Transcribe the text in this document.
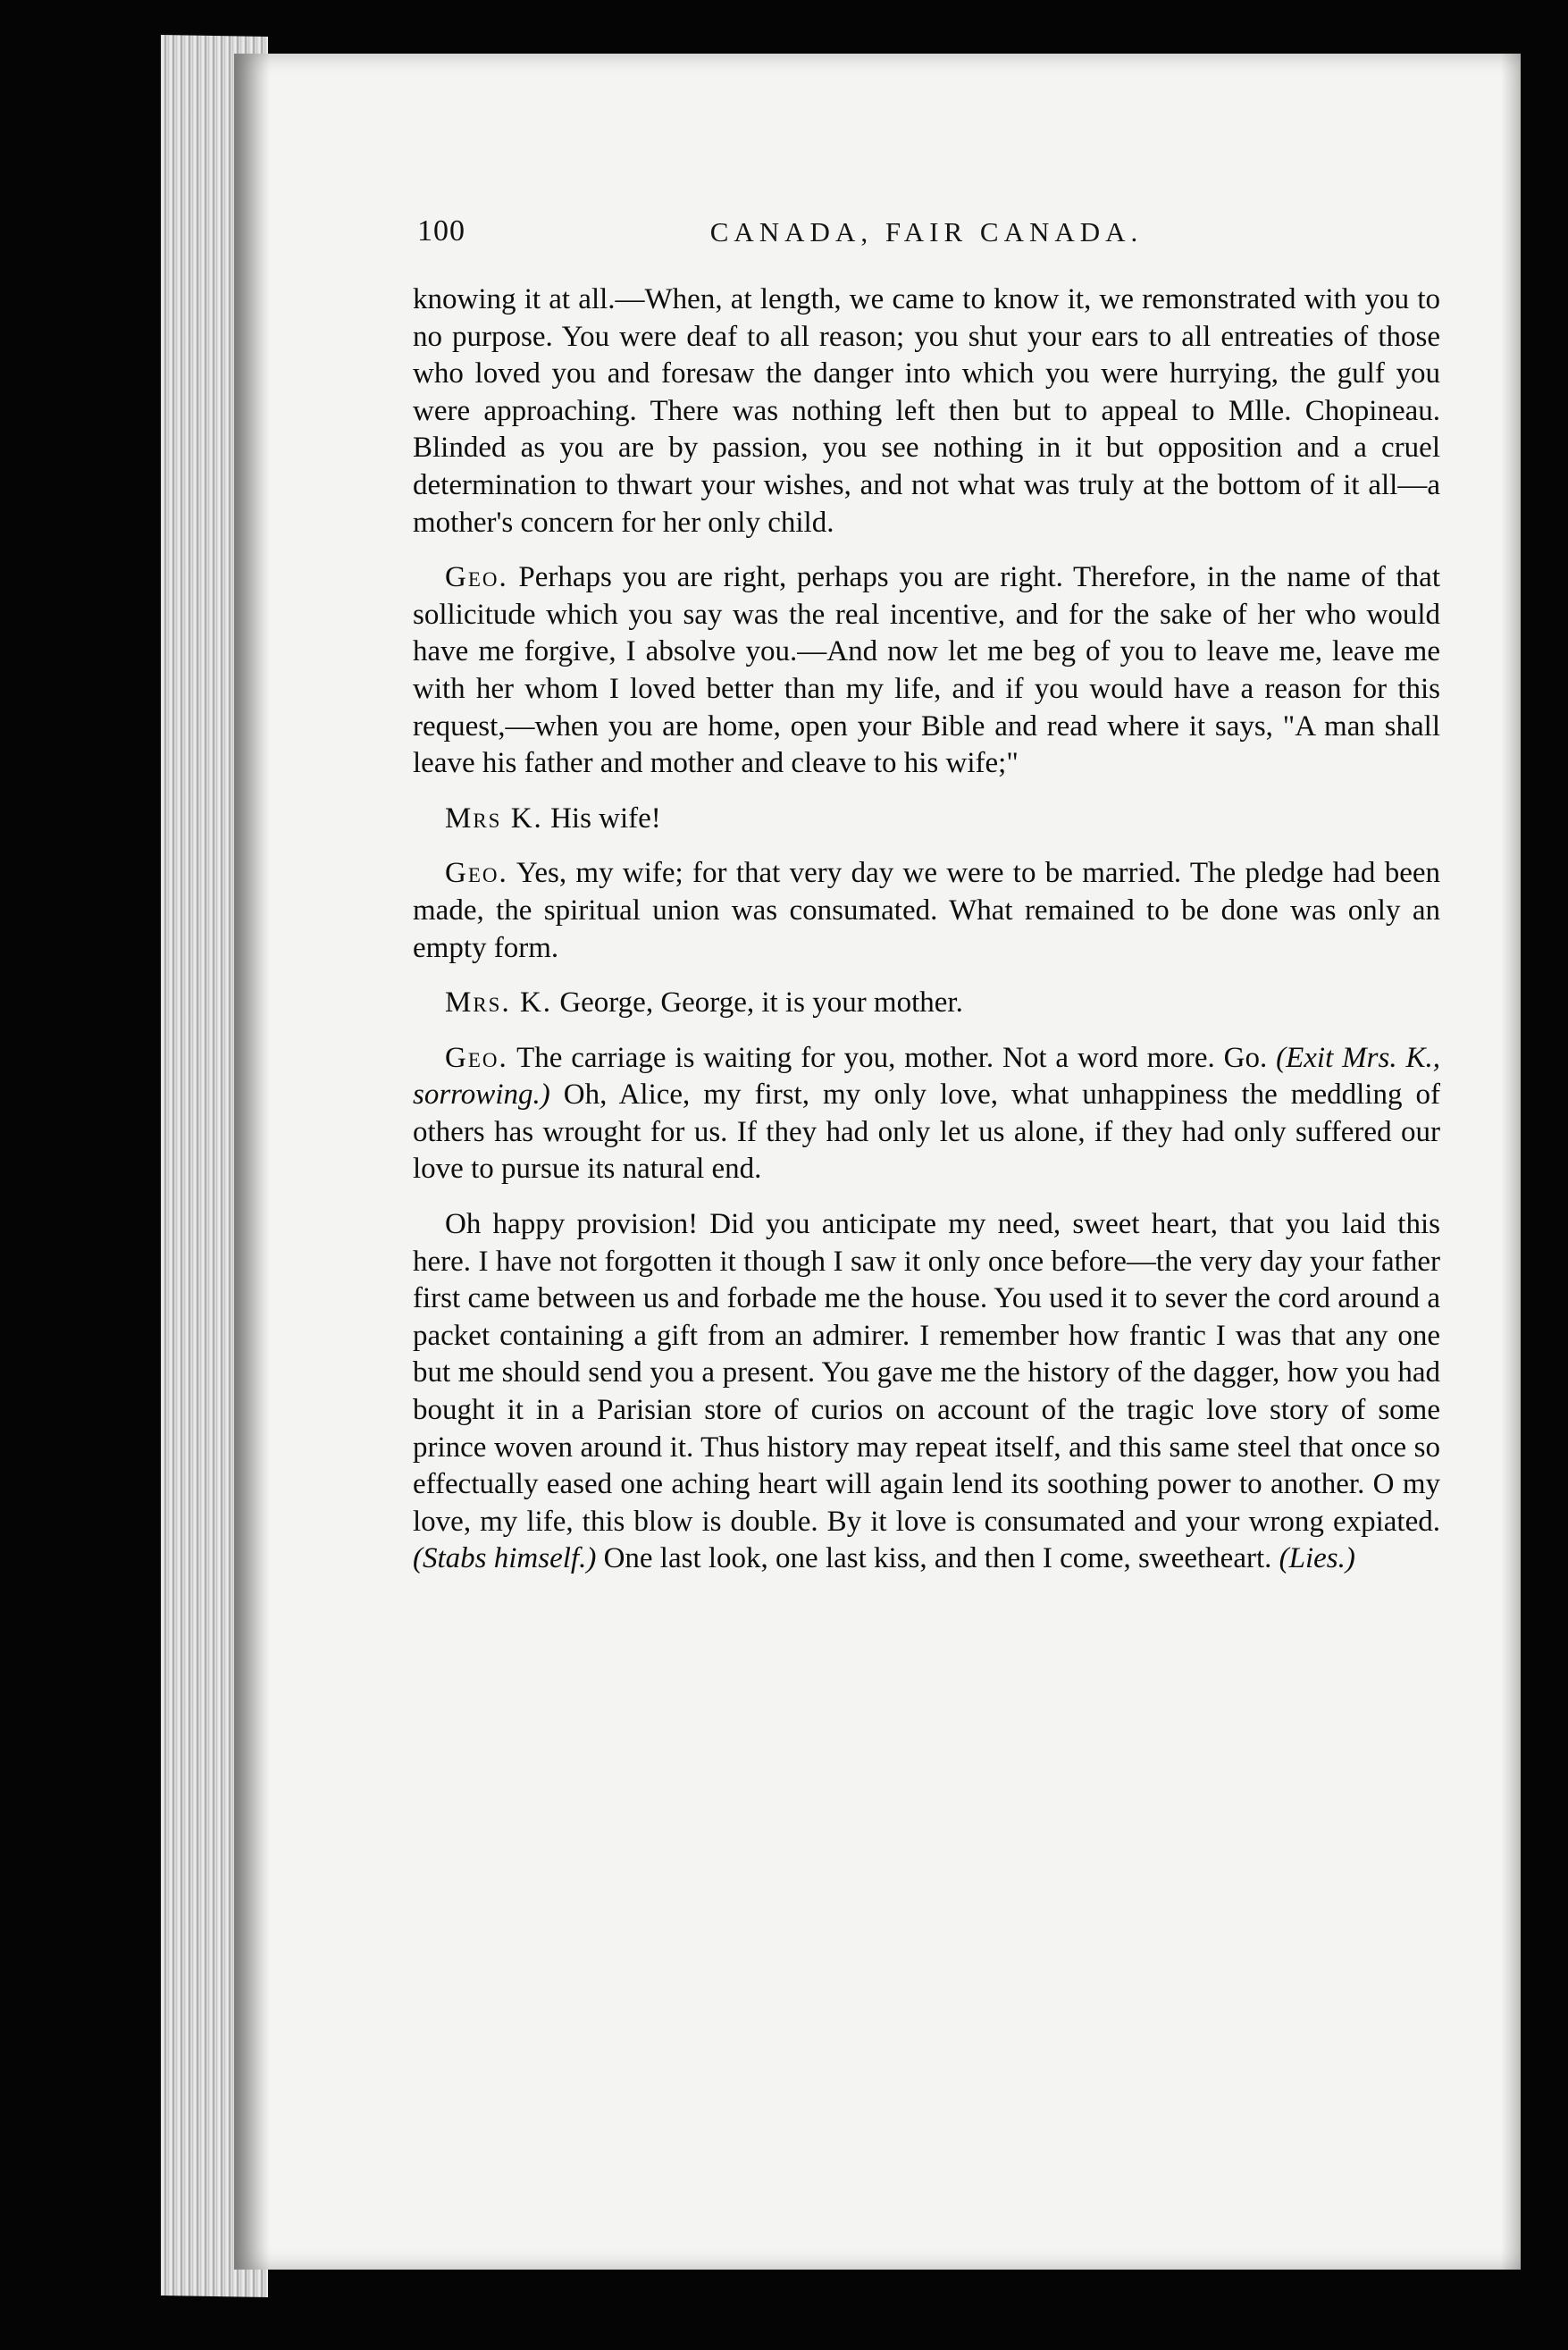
100	CANADA, FAIR CANADA.

knowing it at all.—When, at length, we came to know it, we remonstrated with you to no purpose. You were deaf to all reason; you shut your ears to all entreaties of those who loved you and foresaw the danger into which you were hurrying, the gulf you were approaching. There was nothing left then but to appeal to Mlle. Chopineau. Blinded as you are by passion, you see nothing in it but opposition and a cruel determination to thwart your wishes, and not what was truly at the bottom of it all—a mother's concern for her only child.

Geo. Perhaps you are right, perhaps you are right. Therefore, in the name of that sollicitude which you say was the real incentive, and for the sake of her who would have me forgive, I absolve you.—And now let me beg of you to leave me, leave me with her whom I loved better than my life, and if you would have a reason for this request,—when you are home, open your Bible and read where it says, "A man shall leave his father and mother and cleave to his wife;"

Mrs K. His wife!

Geo. Yes, my wife; for that very day we were to be married. The pledge had been made, the spiritual union was consumated. What remained to be done was only an empty form.

Mrs. K. George, George, it is your mother.

Geo. The carriage is waiting for you, mother. Not a word more. Go. (Exit Mrs. K., sorrowing.) Oh, Alice, my first, my only love, what unhappiness the meddling of others has wrought for us. If they had only let us alone, if they had only suffered our love to pursue its natural end.

Oh happy provision! Did you anticipate my need, sweet heart, that you laid this here. I have not forgotten it though I saw it only once before—the very day your father first came between us and forbade me the house. You used it to sever the cord around a packet containing a gift from an admirer. I remember how frantic I was that any one but me should send you a present. You gave me the history of the dagger, how you had bought it in a Parisian store of curios on account of the tragic love story of some prince woven around it. Thus history may repeat itself, and this same steel that once so effectually eased one aching heart will again lend its soothing power to another. O my love, my life, this blow is double. By it love is consumated and your wrong expiated. (Stabs himself.) One last look, one last kiss, and then I come, sweetheart. (Lies.)
